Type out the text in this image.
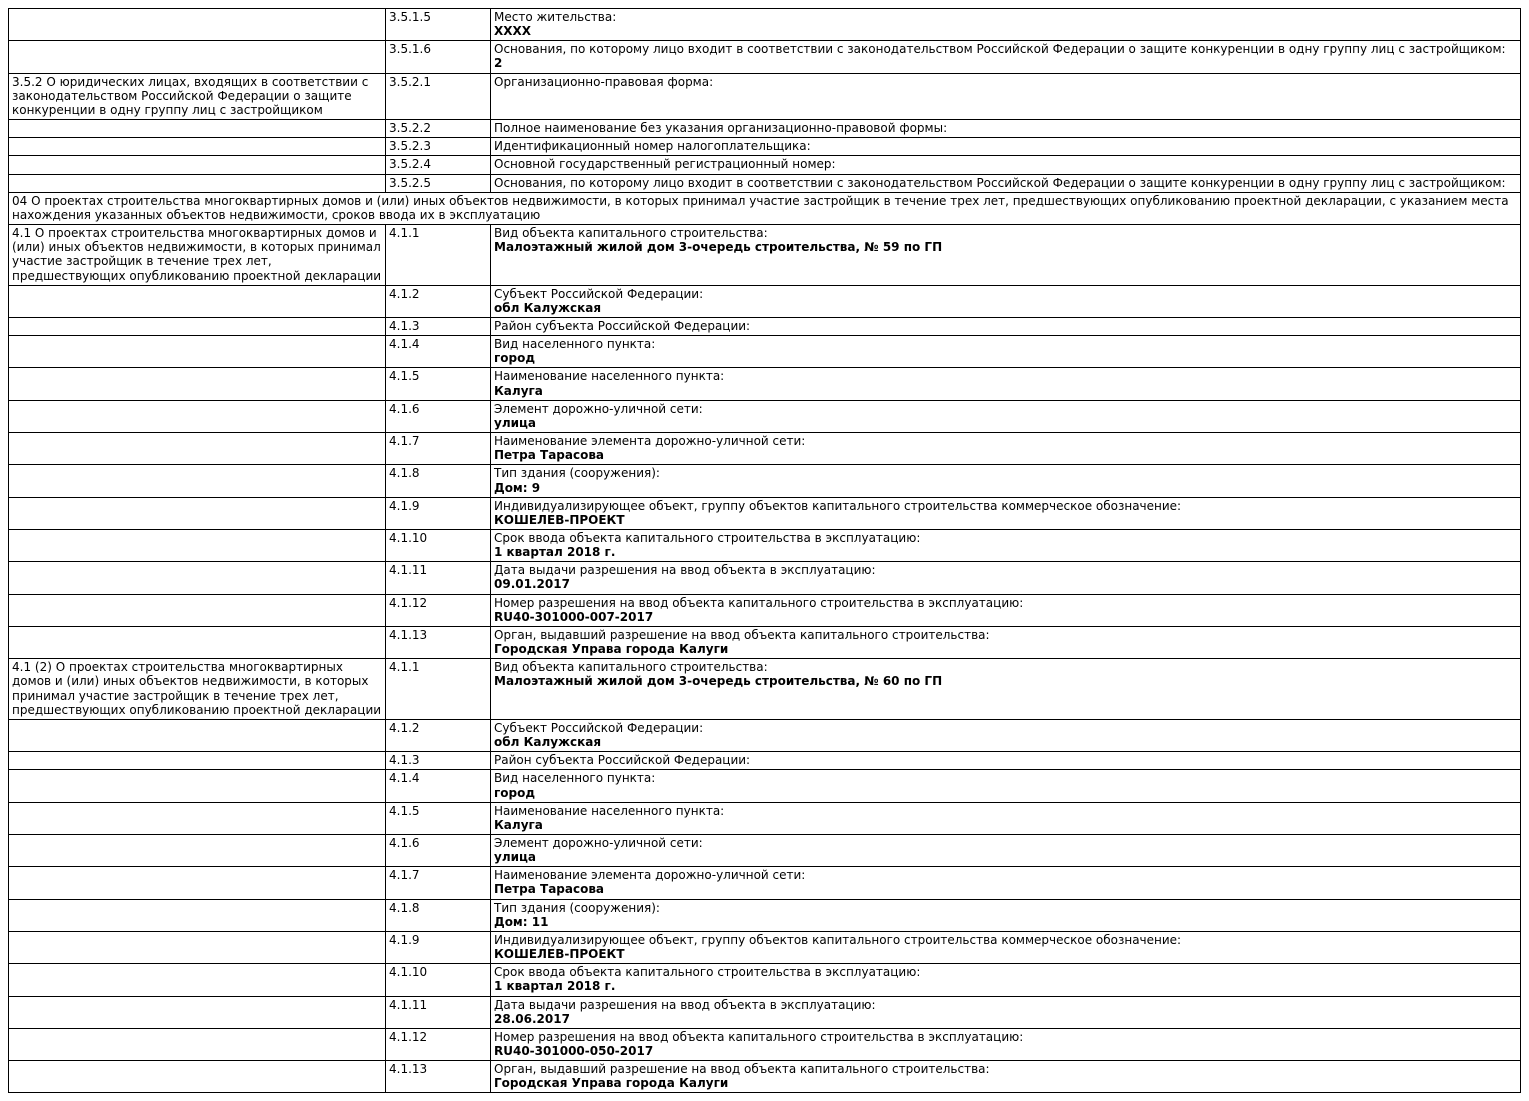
	3.5.1.5	Место жительства:
XXXX

	3.5.1.6	Основания, по которому лицо входит в соответствии с законодательством Российской Федерации о защите конкуренции в одну группу лиц с застройщиком:
2

3.5.2 О юридических лицах, входящих в соответствии с законодательством Российской Федерации о защите конкуренции в одну группу лиц с застройщиком	3.5.2.1	Организационно-правовая форма:

	3.5.2.2	Полное наименование без указания организационно-правовой формы:

	3.5.2.3	Идентификационный номер налогоплательщика:

	3.5.2.4	Основной государственный регистрационный номер:

	3.5.2.5	Основания, по которому лицо входит в соответствии с законодательством Российской Федерации о защите конкуренции в одну группу лиц с застройщиком:

04 О проектах строительства многоквартирных домов и (или) иных объектов недвижимости, в которых принимал участие застройщик в течение трех лет, предшествующих опубликованию проектной декларации, с указанием места нахождения указанных объектов недвижимости, сроков ввода их в эксплуатацию		
4.1 О проектах строительства многоквартирных домов и (или) иных объектов недвижимости, в которых принимал участие застройщик в течение трех лет, предшествующих опубликованию проектной декларации	4.1.1	Вид объекта капитального строительства:
Малоэтажный жилой дом 3-очередь строительства, № 59 по ГП

	4.1.2	Субъект Российской Федерации:
обл Калужская

	4.1.3	Район субъекта Российской Федерации:

	4.1.4	Вид населенного пункта:
город

	4.1.5	Наименование населенного пункта:
Калуга

	4.1.6	Элемент дорожно-уличной сети:
улица

	4.1.7	Наименование элемента дорожно-уличной сети:
Петра Тарасова

	4.1.8	Тип здания (сооружения):
Дом: 9

	4.1.9	Индивидуализирующее объект, группу объектов капитального строительства коммерческое обозначение:
КОШЕЛЕВ-ПРОЕКТ

	4.1.10	Срок ввода объекта капитального строительства в эксплуатацию:
1 квартал 2018 г.

	4.1.11	Дата выдачи разрешения на ввод объекта в эксплуатацию:
09.01.2017

	4.1.12	Номер разрешения на ввод объекта капитального строительства в эксплуатацию:
RU40-301000-007-2017

	4.1.13	Орган, выдавший разрешение на ввод объекта капитального строительства:
Городская Управа города Калуги

4.1 (2) О проектах строительства многоквартирных домов и (или) иных объектов недвижимости, в которых принимал участие застройщик в течение трех лет, предшествующих опубликованию проектной декларации	4.1.1	Вид объекта капитального строительства:
Малоэтажный жилой дом 3-очередь строительства, № 60 по ГП

	4.1.2	Субъект Российской Федерации:
обл Калужская

	4.1.3	Район субъекта Российской Федерации:

	4.1.4	Вид населенного пункта:
город

	4.1.5	Наименование населенного пункта:
Калуга

	4.1.6	Элемент дорожно-уличной сети:
улица

	4.1.7	Наименование элемента дорожно-уличной сети:
Петра Тарасова

	4.1.8	Тип здания (сооружения):
Дом: 11

	4.1.9	Индивидуализирующее объект, группу объектов капитального строительства коммерческое обозначение:
КОШЕЛЕВ-ПРОЕКТ

	4.1.10	Срок ввода объекта капитального строительства в эксплуатацию:
1 квартал 2018 г.

	4.1.11	Дата выдачи разрешения на ввод объекта в эксплуатацию:
28.06.2017

	4.1.12	Номер разрешения на ввод объекта капитального строительства в эксплуатацию:
RU40-301000-050-2017

	4.1.13	Орган, выдавший разрешение на ввод объекта капитального строительства:
Городская Управа города Калуги
